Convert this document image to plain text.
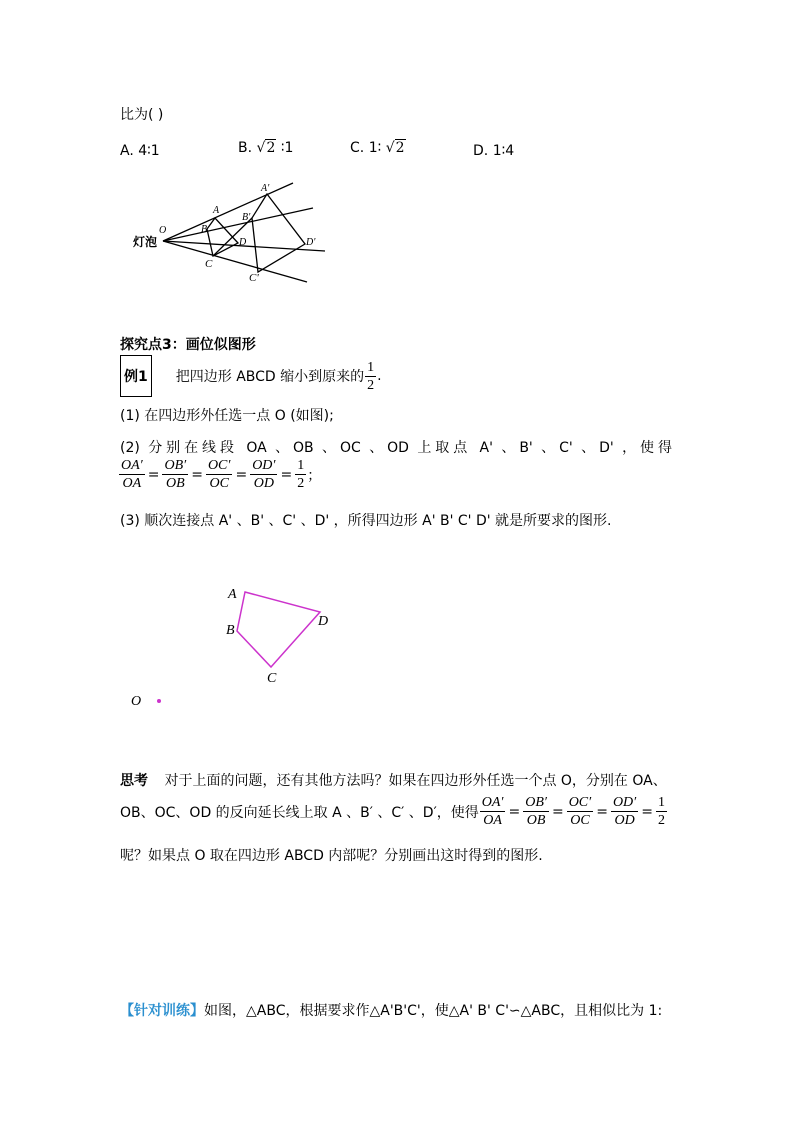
比为( )
A. 4∶1	B. √2 ∶1	C. 1∶ √2	D. 1∶4
O
A
B
C
D
A'
B'
C'
D'
灯泡
探究点3：画位似图形
例1 把四边形 ABCD 缩小到原来的 $\frac{1}{2}$ .
(1) 在四边形外任选一点 O (如图);
(2) 分别在线段 OA 、OB 、OC 、OD 上取点 A' 、B' 、C' 、D' ，使得
$\frac{OA'}{OA} = \frac{OB'}{OB} = \frac{OC'}{OC} = \frac{OD'}{OD} = \frac{1}{2}$ ；
(3) 顺次连接点 A' 、B' 、C' 、D' ，所得四边形 A' B' C' D' 就是所要求的图形.
A
B
C
D
O
思考 对于上面的问题，还有其他方法吗？如果在四边形外任选一个点 O，分别在 OA、
OB、OC、OD 的反向延长线上取 A 、B′ 、C′ 、D′，使得 $\frac{OA'}{OA} = \frac{OB'}{OB} = \frac{OC'}{OC} = \frac{OD'}{OD} = \frac{1}{2}$
呢？如果点 O 取在四边形 ABCD 内部呢？分别画出这时得到的图形.
【针对训练】如图，△ABC，根据要求作△A'B'C'，使△A' B' C'∽△ABC，且相似比为 1:
